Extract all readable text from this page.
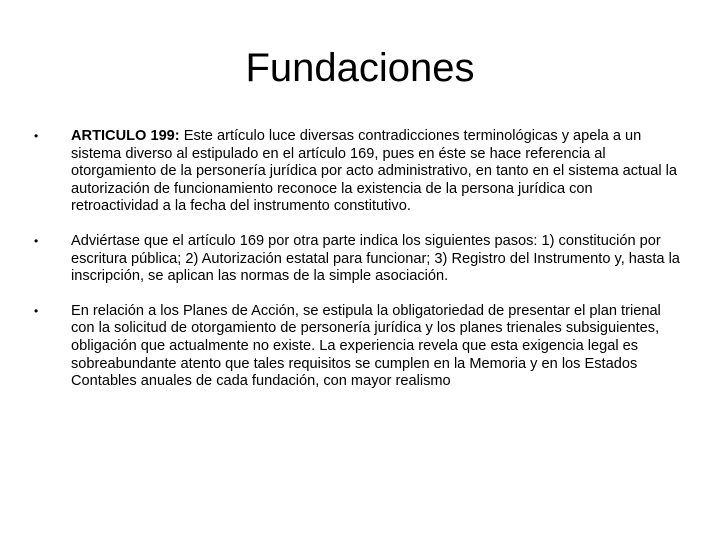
Fundaciones
• ARTICULO 199: Este artículo luce diversas contradicciones terminológicas y apela a un sistema diverso al estipulado en el artículo 169, pues en éste se hace referencia al otorgamiento de la personería jurídica por acto administrativo, en tanto en el sistema actual la autorización de funcionamiento reconoce la existencia de la persona jurídica con retroactividad a la fecha del instrumento constitutivo.
• Adviértase que el artículo 169 por otra parte indica los siguientes pasos: 1) constitución por escritura pública; 2) Autorización estatal para funcionar; 3) Registro del Instrumento y, hasta la inscripción, se aplican las normas de la simple asociación.
• En relación a los Planes de Acción, se estipula la obligatoriedad de presentar el plan trienal con la solicitud de otorgamiento de personería jurídica y los planes trienales subsiguientes, obligación que actualmente no existe. La experiencia revela que esta exigencia legal es sobreabundante atento que tales requisitos se cumplen en la Memoria y en los Estados Contables anuales de cada fundación, con mayor realismo
